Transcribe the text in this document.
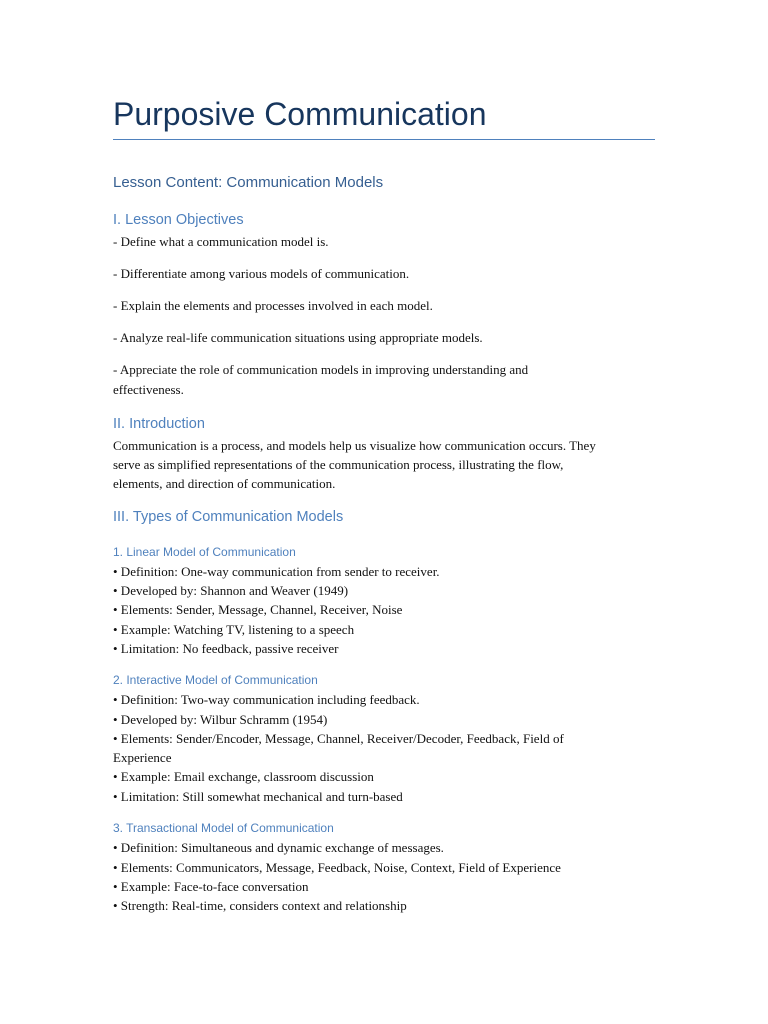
Purposive Communication
Lesson Content: Communication Models
I. Lesson Objectives

- Define what a communication model is.

- Differentiate among various models of communication.

- Explain the elements and processes involved in each model.

- Analyze real-life communication situations using appropriate models.

- Appreciate the role of communication models in improving understanding and

effectiveness.

II. Introduction

Communication is a process, and models help us visualize how communication occurs. They

serve as simplified representations of the communication process, illustrating the flow,

elements, and direction of communication.

III. Types of Communication Models
1. Linear Model of Communication

• Definition: One-way communication from sender to receiver.

• Developed by: Shannon and Weaver (1949)

• Elements: Sender, Message, Channel, Receiver, Noise

• Example: Watching TV, listening to a speech

• Limitation: No feedback, passive receiver

2. Interactive Model of Communication

• Definition: Two-way communication including feedback.

• Developed by: Wilbur Schramm (1954)

• Elements: Sender/Encoder, Message, Channel, Receiver/Decoder, Feedback, Field of

Experience

• Example: Email exchange, classroom discussion

• Limitation: Still somewhat mechanical and turn-based

3. Transactional Model of Communication

• Definition: Simultaneous and dynamic exchange of messages.

• Elements: Communicators, Message, Feedback, Noise, Context, Field of Experience

• Example: Face-to-face conversation

• Strength: Real-time, considers context and relationship
